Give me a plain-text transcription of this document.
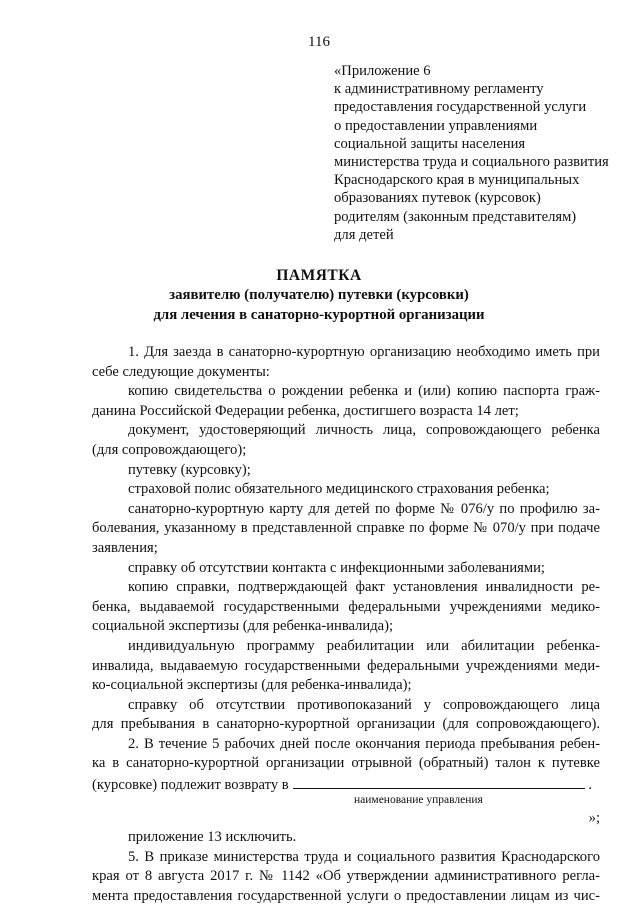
116
«Приложение 6
к административному регламенту
предоставления государственной услуги
о предоставлении управлениями
социальной защиты населения
министерства труда и социального развития
Краснодарского края в муниципальных
образованиях путевок (курсовок)
родителям (законным представителям)
для детей
ПАМЯТКА
заявителю (получателю) путевки (курсовки)
для лечения в санаторно-курортной организации
1. Для заезда в санаторно-курортную организацию необходимо иметь при
себе следующие документы:
копию свидетельства о рождении ребенка и (или) копию паспорта граж-
данина Российской Федерации ребенка, достигшего возраста 14 лет;
документ, удостоверяющий личность лица, сопровождающего ребенка
(для сопровождающего);
путевку (курсовку);
страховой полис обязательного медицинского страхования ребенка;
санаторно-курортную карту для детей по форме № 076/у по профилю за-
болевания, указанному в представленной справке по форме № 070/у при подаче
заявления;
справку об отсутствии контакта с инфекционными заболеваниями;
копию справки, подтверждающей факт установления инвалидности ре-
бенка, выдаваемой государственными федеральными учреждениями медико-
социальной экспертизы (для ребенка-инвалида);
индивидуальную программу реабилитации или абилитации ребенка-
инвалида, выдаваемую государственными федеральными учреждениями меди-
ко-социальной экспертизы (для ребенка-инвалида);
справку об отсутствии противопоказаний у сопровождающего лица
для пребывания в санаторно-курортной организации (для сопровождающего).
2. В течение 5 рабочих дней после окончания периода пребывания ребен-
ка в санаторно-курортной организации отрывной (обратный) талон к путевке
(курсовке) подлежит возврату в	.
наименование управления
»;
приложение 13 исключить.
5. В приказе министерства труда и социального развития Краснодарского
края от 8 августа 2017 г. № 1142 «Об утверждении административного регла-
мента предоставления государственной услуги о предоставлении лицам из чис-
